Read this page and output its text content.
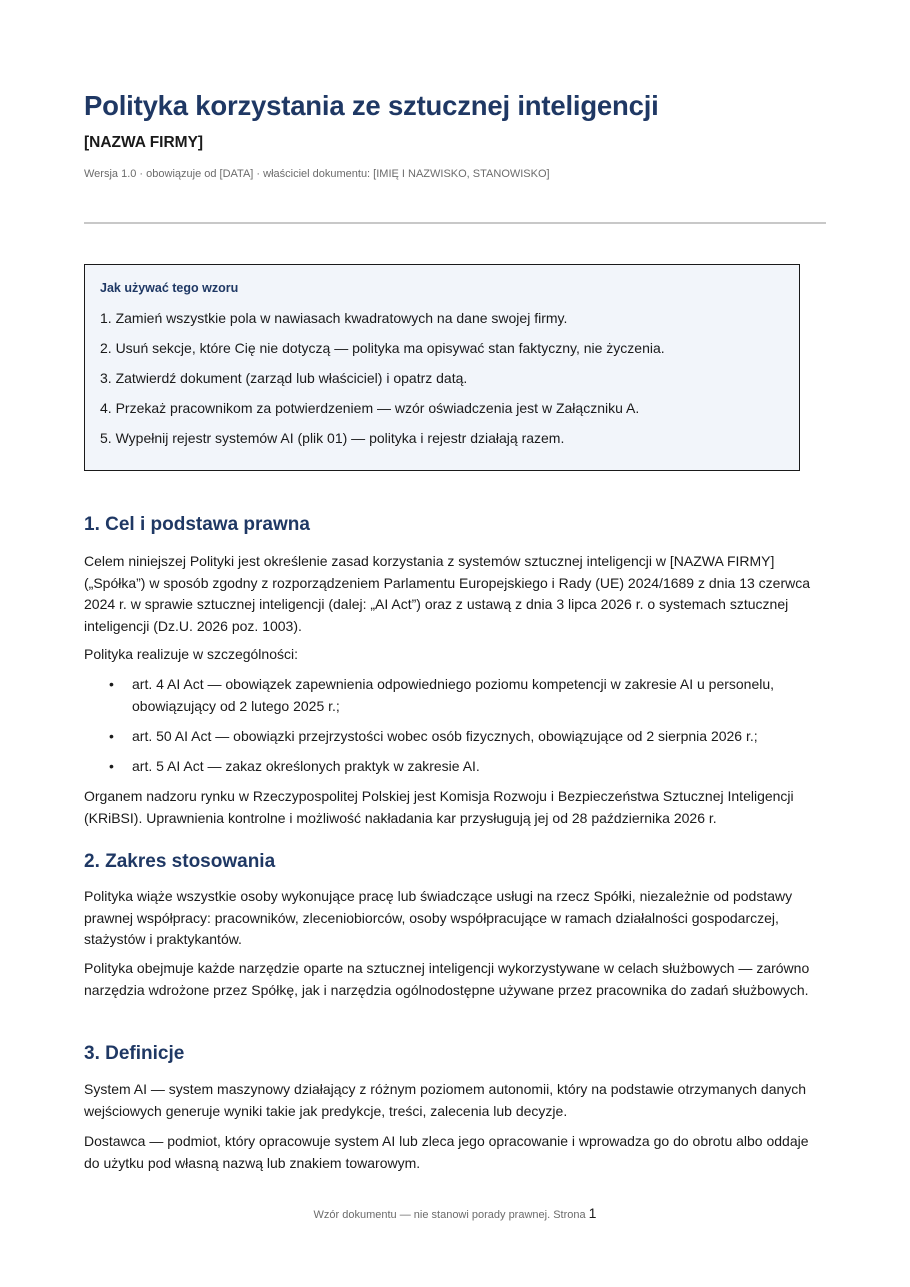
Polityka korzystania ze sztucznej inteligencji
[NAZWA FIRMY]
Wersja 1.0 · obowiązuje od [DATA] · właściciel dokumentu: [IMIĘ I NAZWISKO, STANOWISKO]
Jak używać tego wzoru
1. Zamień wszystkie pola w nawiasach kwadratowych na dane swojej firmy.
2. Usuń sekcje, które Cię nie dotyczą — polityka ma opisywać stan faktyczny, nie życzenia.
3. Zatwierdź dokument (zarząd lub właściciel) i opatrz datą.
4. Przekaż pracownikom za potwierdzeniem — wzór oświadczenia jest w Załączniku A.
5. Wypełnij rejestr systemów AI (plik 01) — polityka i rejestr działają razem.
1. Cel i podstawa prawna

Celem niniejszej Polityki jest określenie zasad korzystania z systemów sztucznej inteligencji w [NAZWA FIRMY] („Spółka”) w sposób zgodny z rozporządzeniem Parlamentu Europejskiego i Rady (UE) 2024/1689 z dnia 13 czerwca 2024 r. w sprawie sztucznej inteligencji (dalej: „AI Act”) oraz z ustawą z dnia 3 lipca 2026 r. o systemach sztucznej inteligencji (Dz.U. 2026 poz. 1003).

Polityka realizuje w szczególności:

• art. 4 AI Act — obowiązek zapewnienia odpowiedniego poziomu kompetencji w zakresie AI u personelu, obowiązujący od 2 lutego 2025 r.;

• art. 50 AI Act — obowiązki przejrzystości wobec osób fizycznych, obowiązujące od 2 sierpnia 2026 r.;

• art. 5 AI Act — zakaz określonych praktyk w zakresie AI.

Organem nadzoru rynku w Rzeczypospolitej Polskiej jest Komisja Rozwoju i Bezpieczeństwa Sztucznej Inteligencji (KRiBSI). Uprawnienia kontrolne i możliwość nakładania kar przysługują jej od 28 października 2026 r.

2. Zakres stosowania

Polityka wiąże wszystkie osoby wykonujące pracę lub świadczące usługi na rzecz Spółki, niezależnie od podstawy prawnej współpracy: pracowników, zleceniobiorców, osoby współpracujące w ramach działalności gospodarczej, stażystów i praktykantów.

Polityka obejmuje każde narzędzie oparte na sztucznej inteligencji wykorzystywane w celach służbowych — zarówno narzędzia wdrożone przez Spółkę, jak i narzędzia ogólnodostępne używane przez pracownika do zadań służbowych.

3. Definicje

System AI — system maszynowy działający z różnym poziomem autonomii, który na podstawie otrzymanych danych wejściowych generuje wyniki takie jak predykcje, treści, zalecenia lub decyzje.

Dostawca — podmiot, który opracowuje system AI lub zleca jego opracowanie i wprowadza go do obrotu albo oddaje do użytku pod własną nazwą lub znakiem towarowym.

Wzór dokumentu — nie stanowi porady prawnej. Strona 1
